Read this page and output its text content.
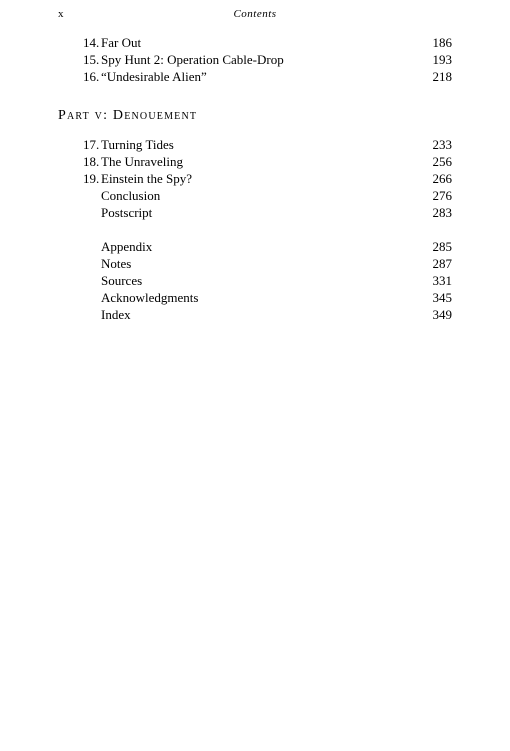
x	Contents
14. Far Out	186
15. Spy Hunt 2: Operation Cable-Drop	193
16. “Undesirable Alien”	218
Part v: Denouement
17. Turning Tides	233
18. The Unraveling	256
19. Einstein the Spy?	266
Conclusion	276
Postscript	283
Appendix	285
Notes	287
Sources	331
Acknowledgments	345
Index	349
